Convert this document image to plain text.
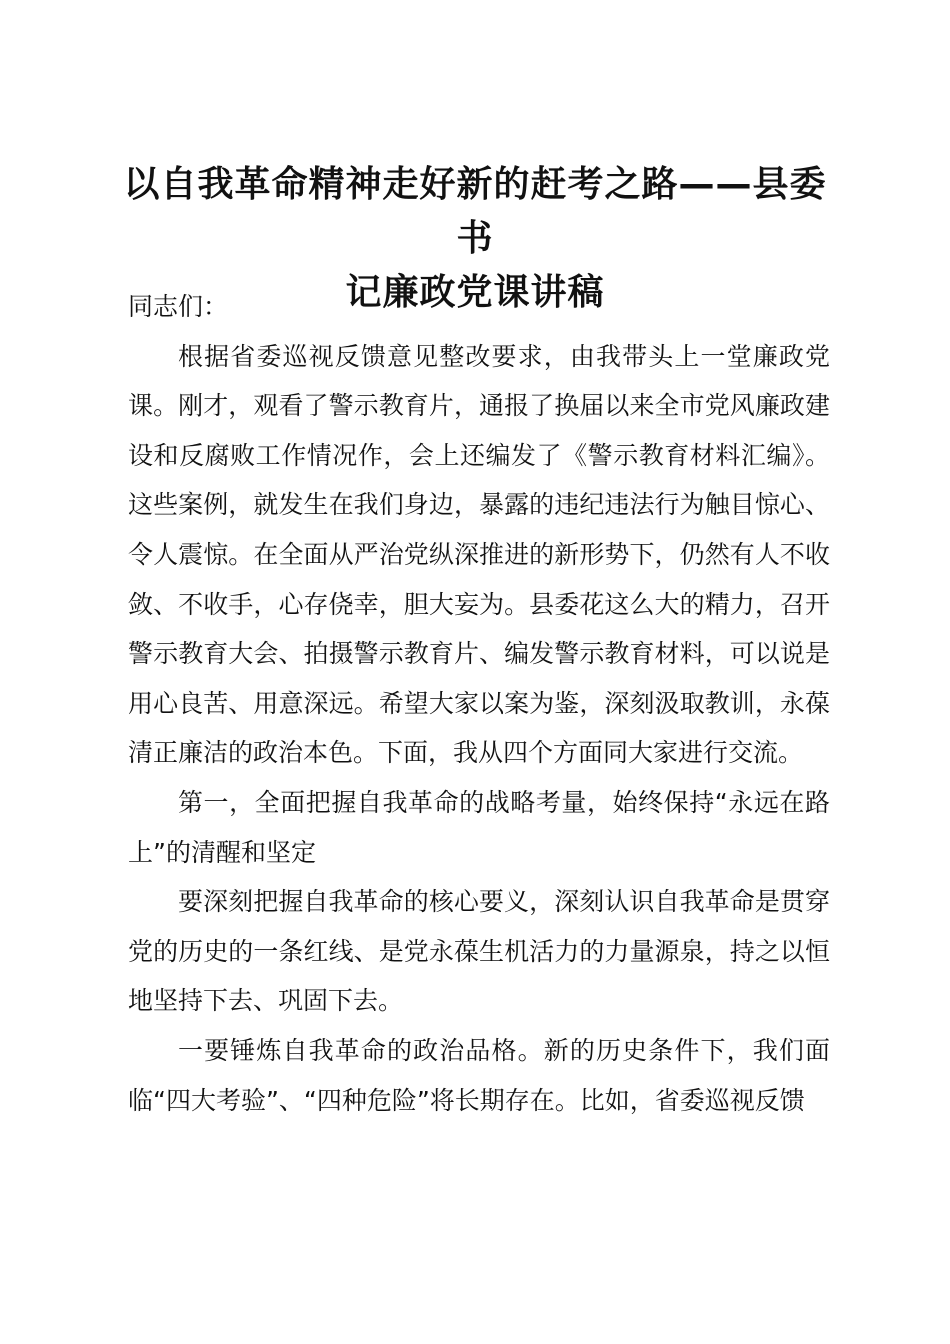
以自我革命精神走好新的赶考之路——县委书
记廉政党课讲稿

同志们：

根据省委巡视反馈意见整改要求，由我带头上一堂廉政党课。刚才，观看了警示教育片，通报了换届以来全市党风廉政建设和反腐败工作情况作，会上还编发了《警示教育材料汇编》。这些案例，就发生在我们身边，暴露的违纪违法行为触目惊心、令人震惊。在全面从严治党纵深推进的新形势下，仍然有人不收敛、不收手，心存侥幸，胆大妄为。县委花这么大的精力，召开警示教育大会、拍摄警示教育片、编发警示教育材料，可以说是用心良苦、用意深远。希望大家以案为鉴，深刻汲取教训，永葆清正廉洁的政治本色。下面，我从四个方面同大家进行交流。

第一，全面把握自我革命的战略考量，始终保持“永远在路上”的清醒和坚定

要深刻把握自我革命的核心要义，深刻认识自我革命是贯穿党的历史的一条红线、是党永葆生机活力的力量源泉，持之以恒地坚持下去、巩固下去。

一要锤炼自我革命的政治品格。新的历史条件下，我们面临“四大考验”、“四种危险”将长期存在。比如，省委巡视反馈
